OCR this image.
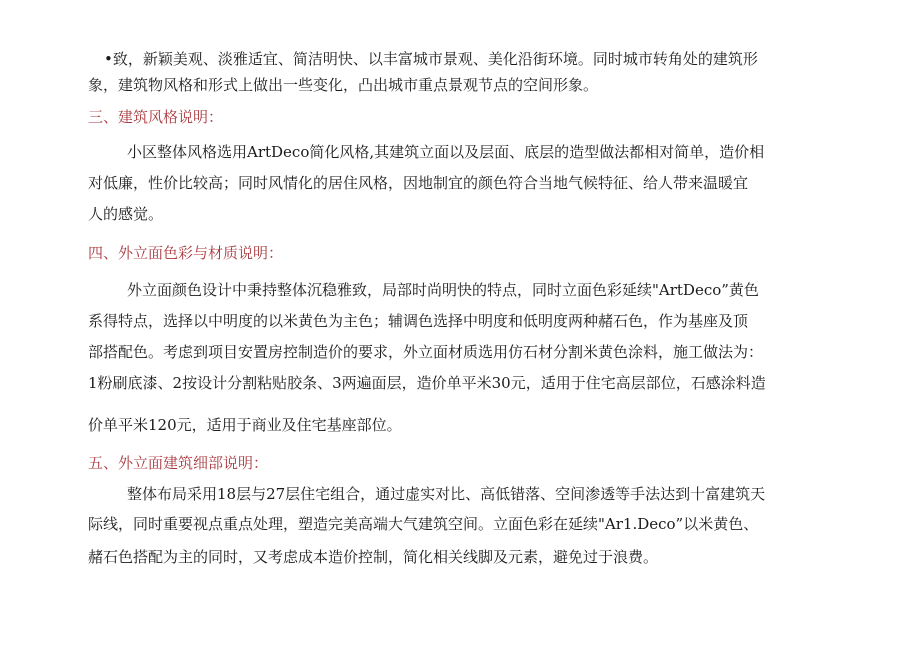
•致，新颖美观、淡雅适宜、简洁明快、以丰富城市景观、美化沿街环境。同时城市转角处的建筑形
象，建筑物风格和形式上做出一些变化，凸出城市重点景观节点的空间形象。
三、建筑风格说明：
小区整体风格选用ArtDeco简化风格,其建筑立面以及层面、底层的造型做法都相对简单，造价相
对低廉，性价比较高；同时风情化的居住风格，因地制宜的颜色符合当地气候特征、给人带来温暖宜
人的感觉。
四、外立面色彩与材质说明：
外立面颜色设计中秉持整体沉稳雅致，局部时尚明快的特点，同时立面色彩延续"ArtDeco”黄色
系得特点，选择以中明度的以米黄色为主色；辅调色选择中明度和低明度两种赭石色，作为基座及顶
部搭配色。考虑到项目安置房控制造价的要求，外立面材质选用仿石材分割米黄色涂料，施工做法为：
1粉刷底漆、2按设计分割粘贴胶条、3两遍面层，造价单平米30元，适用于住宅高层部位，石感涂料造
价单平米120元，适用于商业及住宅基座部位。
五、外立面建筑细部说明：
整体布局采用18层与27层住宅组合，通过虚实对比、高低错落、空间渗透等手法达到十富建筑天
际线，同时重要视点重点处理，塑造完美高端大气建筑空间。立面色彩在延续"Ar1.Deco”以米黄色、
赭石色搭配为主的同时，又考虑成本造价控制，简化相关线脚及元素，避免过于浪费。
